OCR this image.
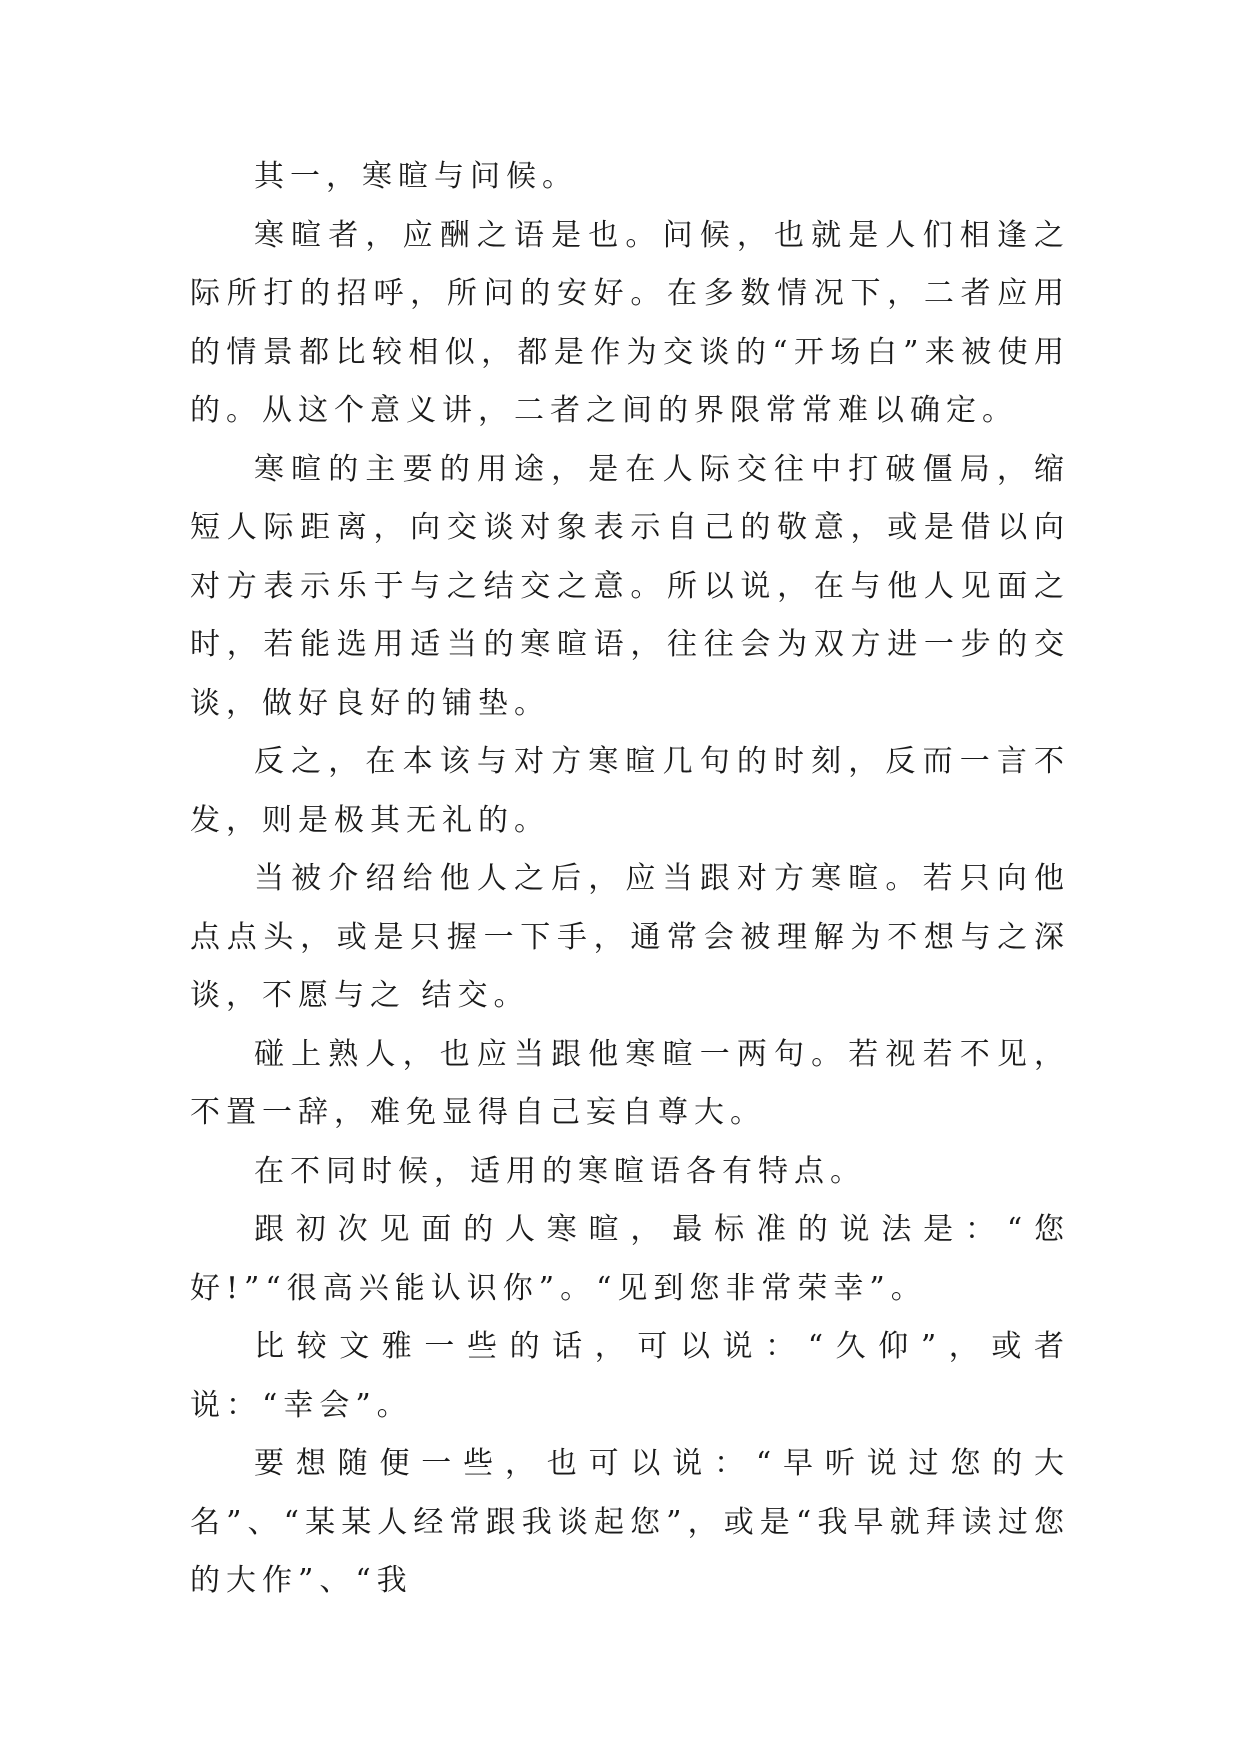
其一，寒暄与问候。

寒暄者，应酬之语是也。问候，也就是人们相逢之际所打的招呼，所问的安好。在多数情况下，二者应用的情景都比较相似，都是作为交谈的“开场白”来被使用的。从这个意义讲，二者之间的界限常常难以确定。

寒暄的主要的用途，是在人际交往中打破僵局，缩短人际距离，向交谈对象表示自己的敬意，或是借以向对方表示乐于与之结交之意。所以说，在与他人见面之时，若能选用适当的寒暄语，往往会为双方进一步的交谈，做好良好的铺垫。

反之，在本该与对方寒暄几句的时刻，反而一言不发，则是极其无礼的。

当被介绍给他人之后，应当跟对方寒暄。若只向他点点头，或是只握一下手，通常会被理解为不想与之深谈，不愿与之 结交。

碰上熟人，也应当跟他寒暄一两句。若视若不见，不置一辞，难免显得自己妄自尊大。

在不同时候，适用的寒暄语各有特点。

跟初次见面的人寒暄，最标准的说法是：“您好!”“很高兴能认识你”。“见到您非常荣幸”。

比较文雅一些的话，可以说：“久仰”，或者说：“幸会”。

要想随便一些，也可以说：“早听说过您的大名”、“某某人经常跟我谈起您”，或是“我早就拜读过您的大作”、“我
